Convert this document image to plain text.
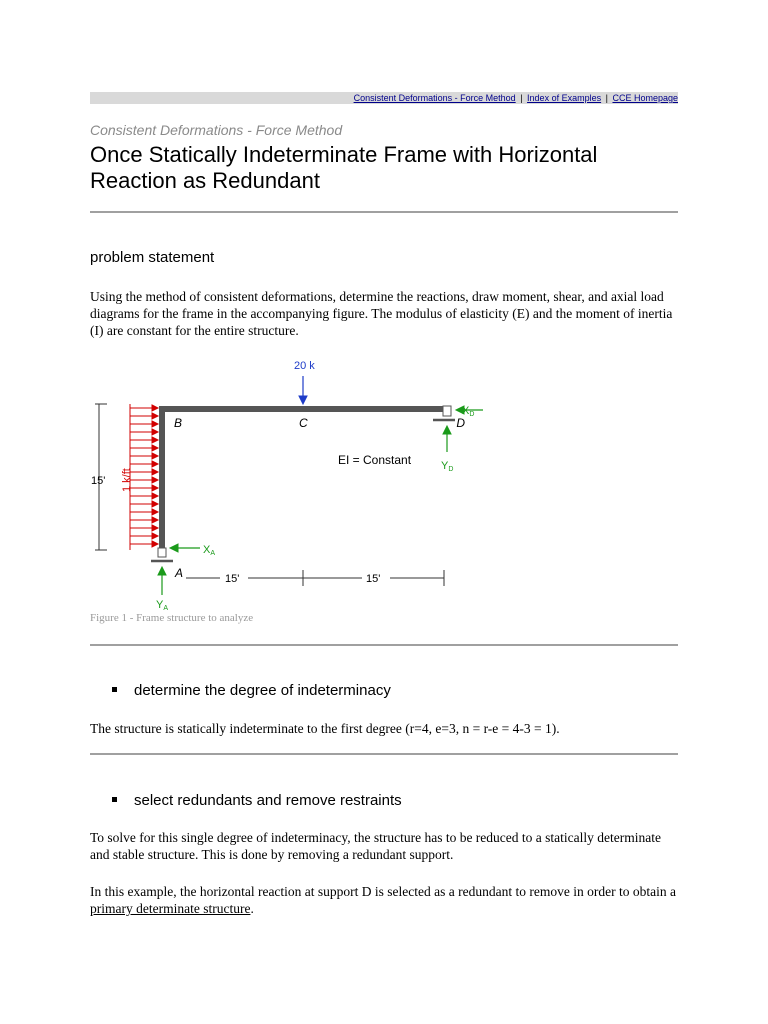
Consistent Deformations - Force Method | Index of Examples | CCE Homepage
Consistent Deformations - Force Method
Once Statically Indeterminate Frame with Horizontal Reaction as Redundant
problem statement

Using the method of consistent deformations, determine the reactions, draw moment, shear, and axial load diagrams for the frame in the accompanying figure. The modulus of elasticity (E) and the moment of inertia (I) are constant for the entire structure.

15' 1 k/ft
20 k
B	C	D
A
EI = Constant
XD
YD
XA
YA
15'	15'
Figure 1 - Frame structure to analyze
determine the degree of indeterminacy

The structure is statically indeterminate to the first degree (r=4, e=3, n = r-e = 4-3 = 1).

select redundants and remove restraints

To solve for this single degree of indeterminacy, the structure has to be reduced to a statically determinate and stable structure. This is done by removing a redundant support.

In this example, the horizontal reaction at support D is selected as a redundant to remove in order to obtain a primary determinate structure.
